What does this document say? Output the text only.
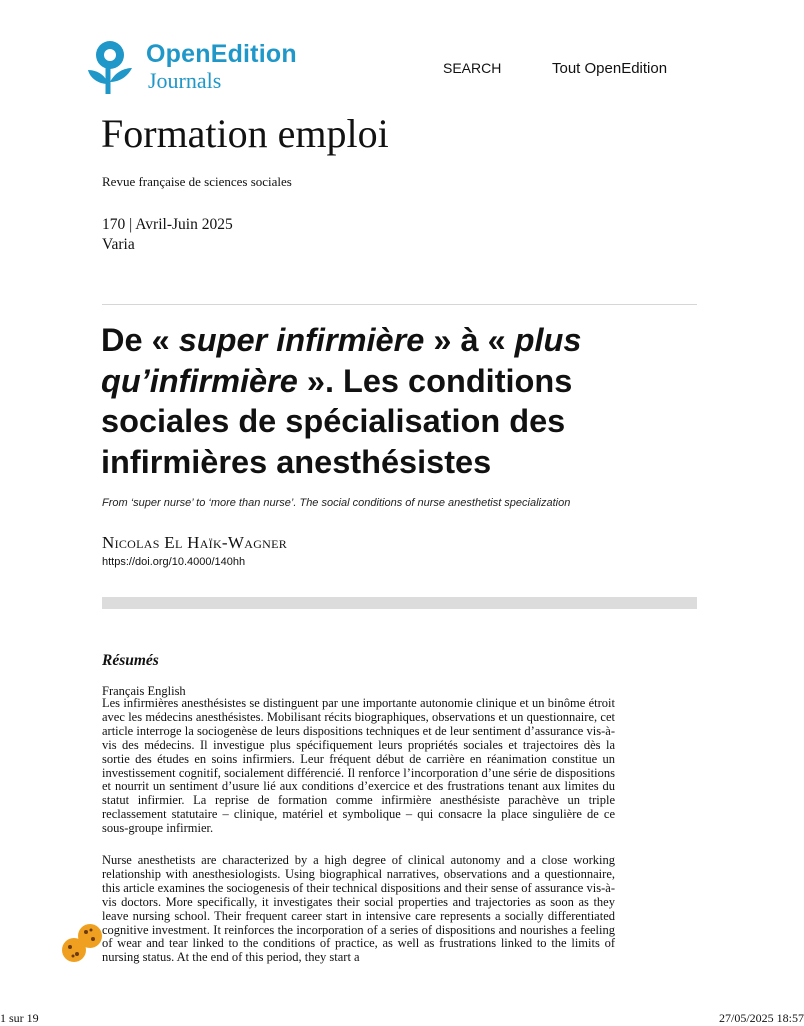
OpenEdition
Journals	SEARCH	Tout OpenEdition
Formation emploi
Revue française de sciences sociales
170 | Avril-Juin 2025
Varia
De « super infirmière » à « plus qu’infirmière ». Les conditions sociales de spécialisation des infirmières anesthésistes
From ‘super nurse’ to ‘more than nurse’. The social conditions of nurse anesthetist specialization
Nicolas El Haïk-Wagner
https://doi.org/10.4000/140hh
Résumés
Français English

Les infirmières anesthésistes se distinguent par une importante autonomie clinique et un binôme étroit avec les médecins anesthésistes. Mobilisant récits biographiques, observations et un questionnaire, cet article interroge la sociogenèse de leurs dispositions techniques et de leur sentiment d’assurance vis-à-vis des médecins. Il investigue plus spécifiquement leurs propriétés sociales et trajectoires dès la sortie des études en soins infirmiers. Leur fréquent début de carrière en réanimation constitue un investissement cognitif, socialement différencié. Il renforce l’incorporation d’une série de dispositions et nourrit un sentiment d’usure lié aux conditions d’exercice et des frustrations tenant aux limites du statut infirmier. La reprise de formation comme infirmière anesthésiste parachève un triple reclassement statutaire – clinique, matériel et symbolique – qui consacre la place singulière de ce sous-groupe infirmier.

Nurse anesthetists are characterized by a high degree of clinical autonomy and a close working relationship with anesthesiologists. Using biographical narratives, observations and a questionnaire, this article examines the sociogenesis of their technical dispositions and their sense of assurance vis-à-vis doctors. More specifically, it investigates their social properties and trajectories as soon as they leave nursing school. Their frequent career start in intensive care represents a socially differentiated cognitive investment. It reinforces the incorporation of a series of dispositions and nourishes a feeling of wear and tear linked to the conditions of practice, as well as frustrations linked to the limits of nursing status. At the end of this period, they start a

1 sur 19	27/05/2025 18:57
